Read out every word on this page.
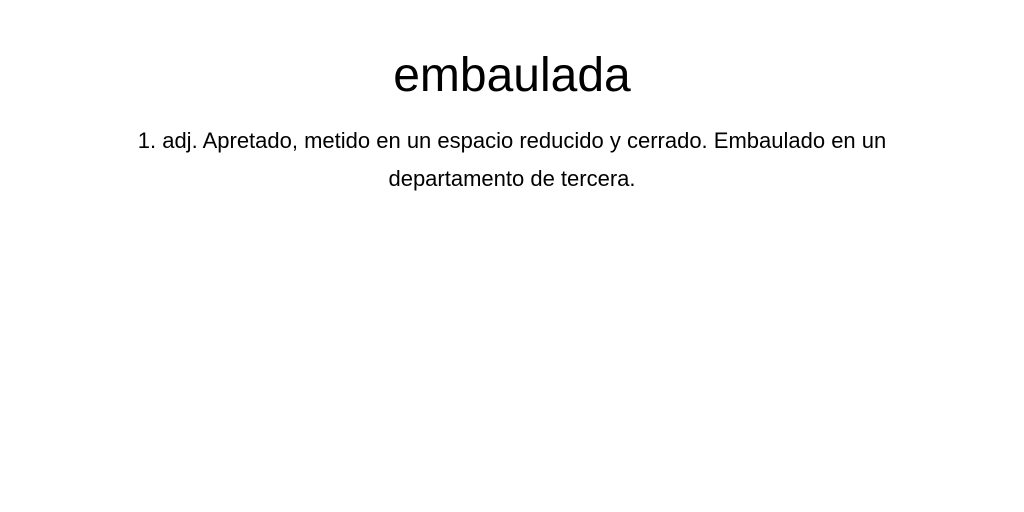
embaulada

1. adj. Apretado, metido en un espacio reducido y cerrado. Embaulado en un departamento de tercera.
